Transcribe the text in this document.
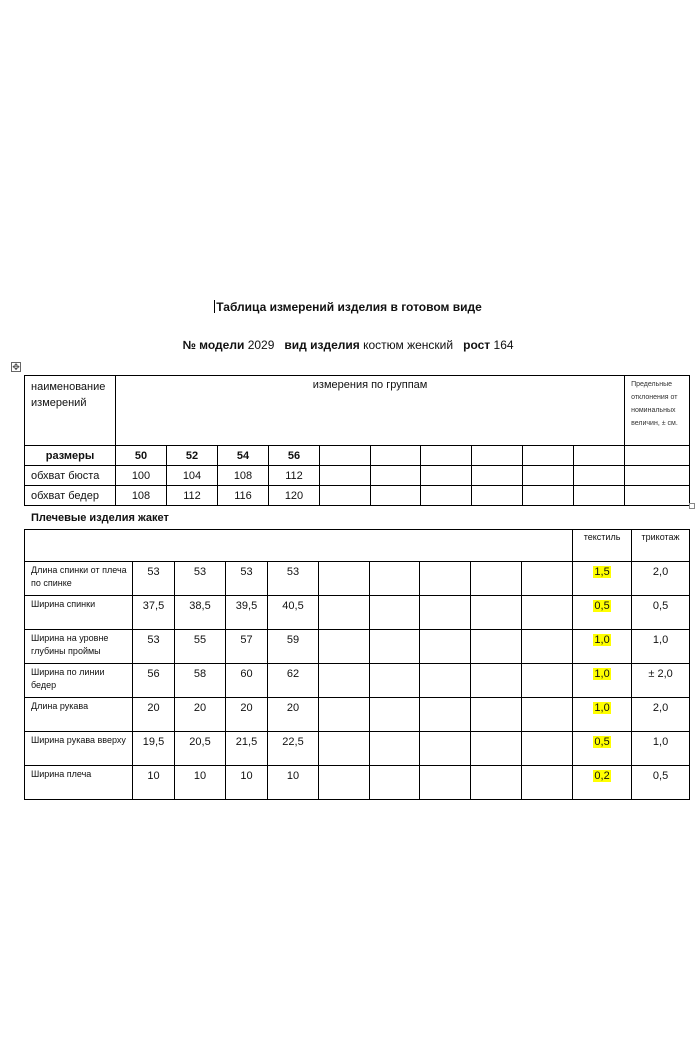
Таблица измерений изделия в готовом виде
№ модели 2029 вид изделия костюм женский рост 164
✥
наименование измерений	измерения по группам										Предельные отклонения от номинальных величин, ± см.
размеры	50	52	54	56							
обхват бюста	100	104	108	112							
обхват бедер	108	112	116	120							
Плечевые изделия жакет
										текстиль	трикотаж
Длина спинки от плеча по спинке	53	53	53	53						1,5	2,0
Ширина спинки	37,5	38,5	39,5	40,5						0,5	0,5
Ширина на уровне глубины проймы	53	55	57	59						1,0	1,0
Ширина по линии бедер	56	58	60	62						1,0	± 2,0
Длина рукава	20	20	20	20						1,0	2,0
Ширина рукава вверху	19,5	20,5	21,5	22,5						0,5	1,0
Ширина плеча	10	10	10	10						0,2	0,5
